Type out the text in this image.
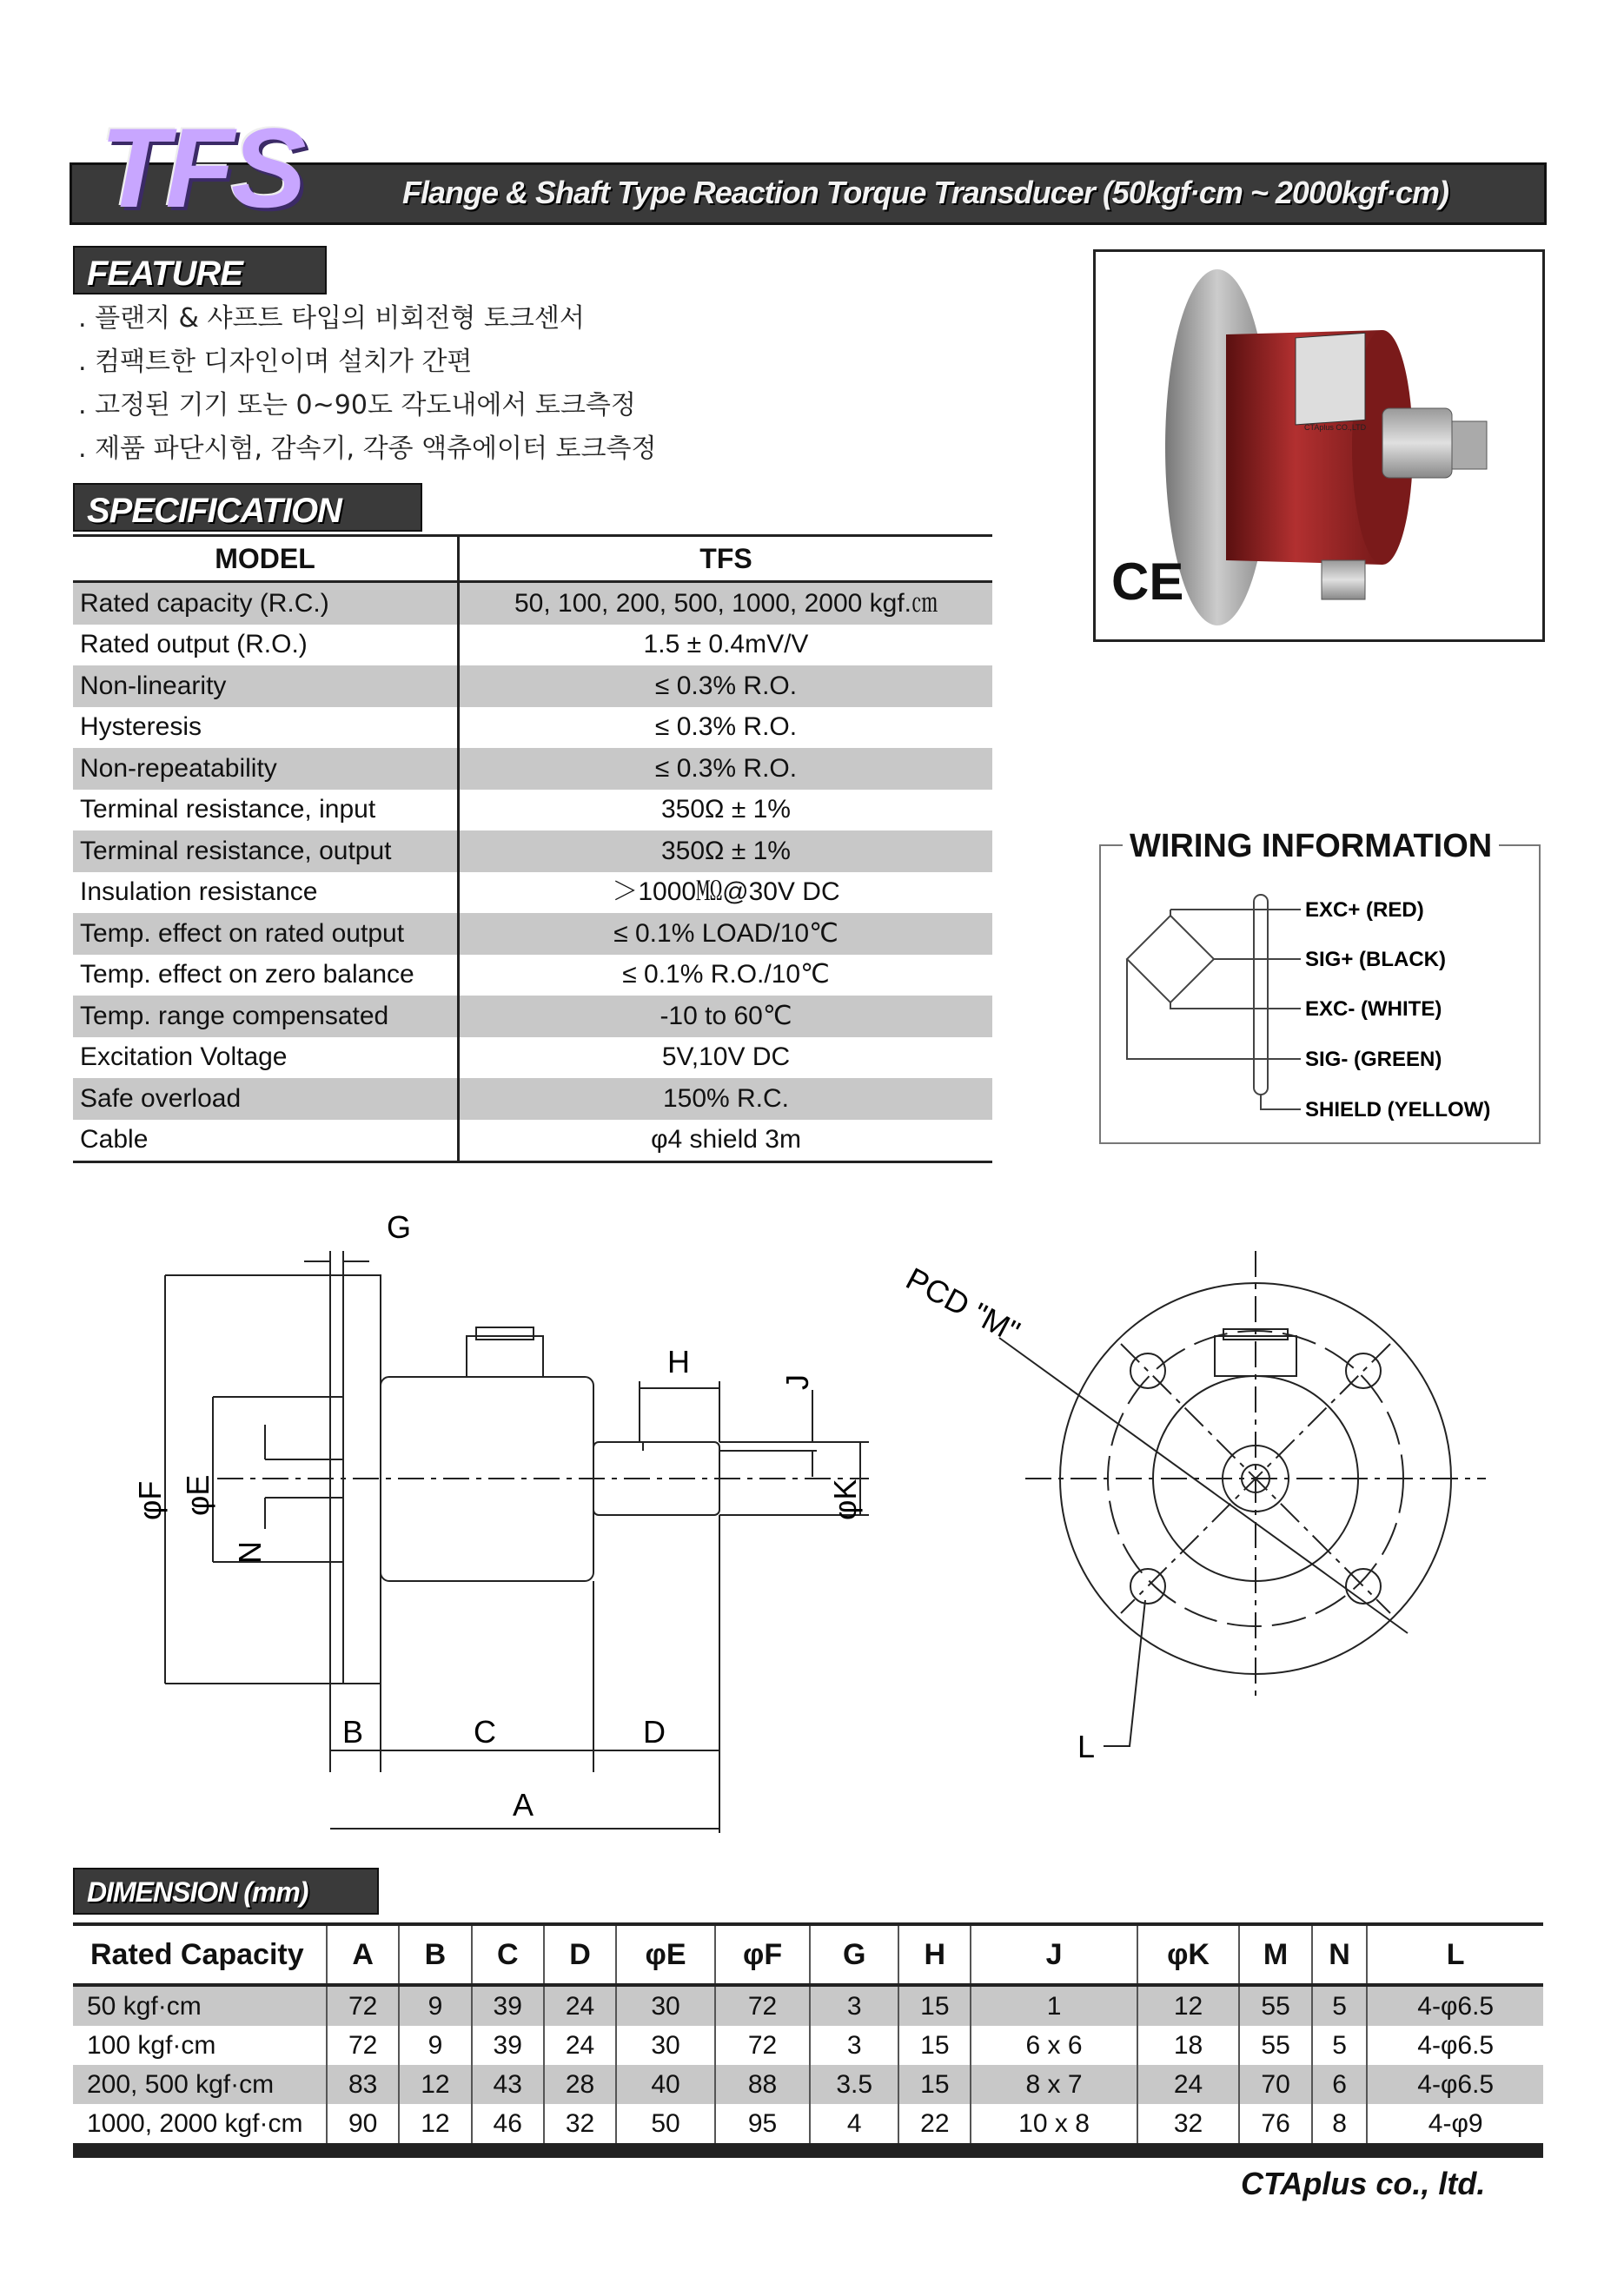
TFS	Flange & Shaft Type Reaction Torque Transducer (50kgf·cm ~ 2000kgf·cm)
FEATURE
. 플랜지 & 샤프트 타입의 비회전형 토크센서
. 컴팩트한 디자인이며 설치가 간편
. 고정된 기기 또는 0~90도 각도내에서 토크측정
. 제품 파단시험, 감속기, 각종 액츄에이터 토크측정
SPECIFICATION
MODEL	TFS
Rated capacity (R.C.)	50, 100, 200, 500, 1000, 2000 kgf.㎝
Rated output (R.O.)	1.5 ± 0.4mV/V
Non-linearity	≤ 0.3% R.O.
Hysteresis	≤ 0.3% R.O.
Non-repeatability	≤ 0.3% R.O.
Terminal resistance, input	350Ω ± 1%
Terminal resistance, output	350Ω ± 1%
Insulation resistance	＞1000㏁@30V DC
Temp. effect on rated output	≤ 0.1% LOAD/10℃
Temp. effect on zero balance	≤ 0.1% R.O./10℃
Temp. range compensated	-10 to 60℃
Excitation Voltage	5V,10V DC
Safe overload	150% R.C.
Cable	φ4 shield 3m
CTAplus CO.,LTD
CE
EXC+ (RED)
SIG+ (BLACK)
EXC- (WHITE)
SIG- (GREEN)
SHIELD (YELLOW)
WIRING INFORMATION
G
H
J
φK
φF φE
N
B	C	D
A
PCD "M"
L
DIMENSION (mm)
Rated Capacity	A	B	C	D	φE	φF	G	H	J	φK	M	N	L
50 kgf·cm	72	9	39	24	30	72	3	15	1	12	55	5	4-φ6.5
100 kgf·cm	72	9	39	24	30	72	3	15	6 x 6	18	55	5	4-φ6.5
200, 500 kgf·cm	83	12	43	28	40	88	3.5	15	8 x 7	24	70	6	4-φ6.5
1000, 2000 kgf·cm	90	12	46	32	50	95	4	22	10 x 8	32	76	8	4-φ9
CTAplus co., ltd.
